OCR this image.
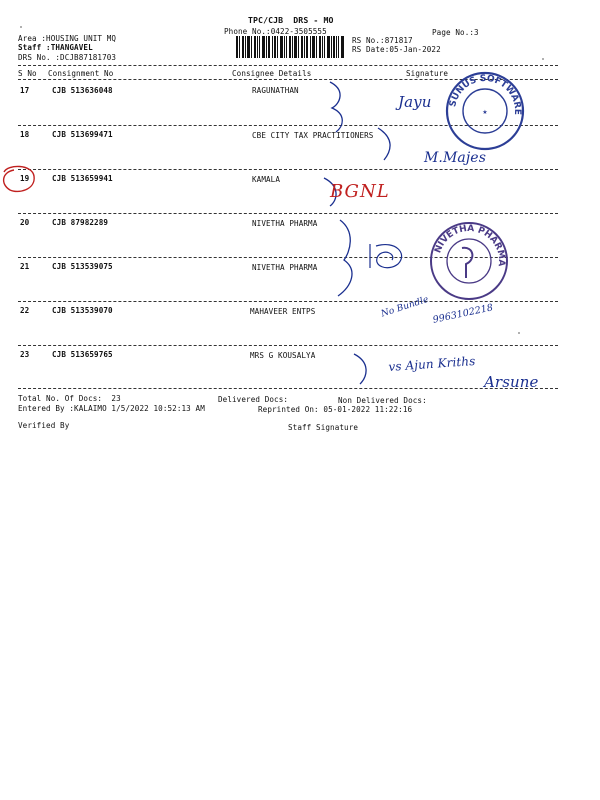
TPC/CJB  DRS - MO
Phone No.:0422-3505555	Page No.:3
Area :HOUSING UNIT MQ
Staff :THANGAVEL
DRS No. :DCJB87181703
RS No.:871817
RS Date:05-Jan-2022
S No Consignment No	Consignee Details	Signature
17	CJB 513636048	RAGUNATHAN
18	CJB 513699471	CBE CITY TAX PRACTITIONERS
19	CJB 513659941	KAMALA
20	CJB 87982289	NIVETHA PHARMA
21	CJB 513539075	NIVETHA PHARMA
22	CJB 513539070	MAHAVEER ENTPS
23	CJB 513659765	MRS G KOUSALYA
Total No. Of Docs:  23	Delivered Docs:	Non Delivered Docs:
Entered By :KALAIMO 1/5/2022 10:52:13 AM	Reprinted On: 05-01-2022 11:22:16
Verified By	Staff Signature
Jayu
M.Majes
BGNL
No Bundle 9963102218
vs Ajun Kriths
Arsune
SUNUS SOFTWARE
★
NIVETHA PHARMA
